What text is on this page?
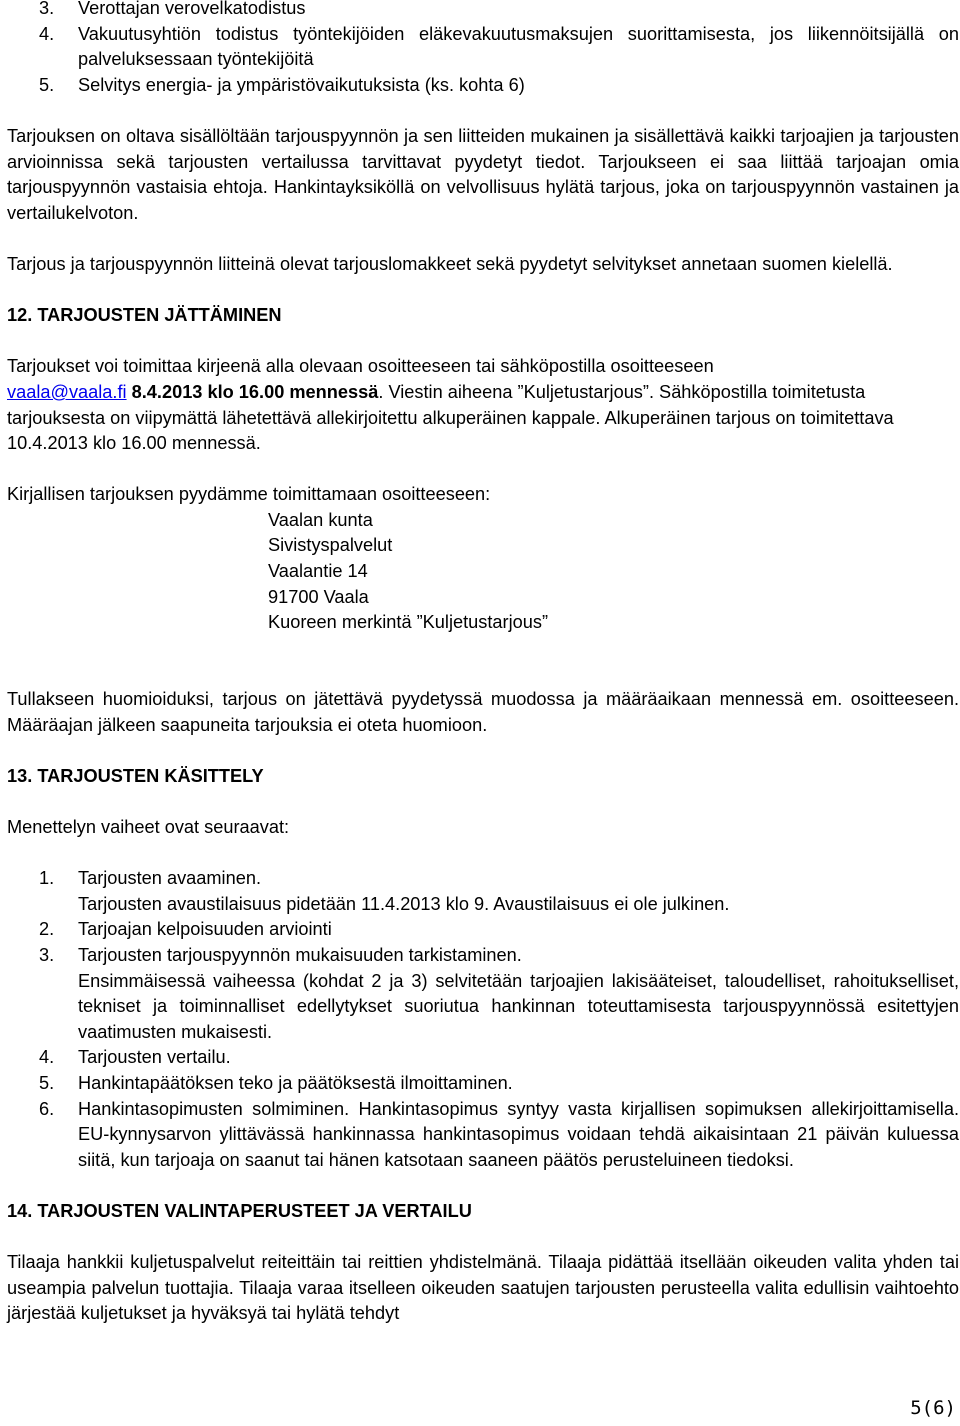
3. Verottajan verovelkatodistus

4. Vakuutusyhtiön todistus työntekijöiden eläkevakuutusmaksujen suorittamisesta, jos liikennöitsijällä on palveluksessaan työntekijöitä

5. Selvitys energia- ja ympäristövaikutuksista (ks. kohta 6)

Tarjouksen on oltava sisällöltään tarjouspyynnön ja sen liitteiden mukainen ja sisällettävä kaikki tarjoajien ja tarjousten arvioinnissa sekä tarjousten vertailussa tarvittavat pyydetyt tiedot. Tarjoukseen ei saa liittää tarjoajan omia tarjouspyynnön vastaisia ehtoja. Hankintayksiköllä on velvollisuus hylätä tarjous, joka on tarjouspyynnön vastainen ja vertailukelvoton.

Tarjous ja tarjouspyynnön liitteinä olevat tarjouslomakkeet sekä pyydetyt selvitykset annetaan suomen kielellä.

12. TARJOUSTEN JÄTTÄMINEN

Tarjoukset voi toimittaa kirjeenä alla olevaan osoitteeseen tai sähköpostilla osoitteeseen
vaala@vaala.fi 8.4.2013 klo 16.00 mennessä. Viestin aiheena ”Kuljetustarjous”. Sähköpostilla toimitetusta tarjouksesta on viipymättä lähetettävä allekirjoitettu alkuperäinen kappale. Alkuperäinen tarjous on toimitettava 10.4.2013 klo 16.00 mennessä.

Kirjallisen tarjouksen pyydämme toimittamaan osoitteeseen:

Vaalan kunta

Sivistyspalvelut

Vaalantie 14

91700 Vaala

Kuoreen merkintä ”Kuljetustarjous”

Tullakseen huomioiduksi, tarjous on jätettävä pyydetyssä muodossa ja määräaikaan mennessä em. osoitteeseen. Määräajan jälkeen saapuneita tarjouksia ei oteta huomioon.

13. TARJOUSTEN KÄSITTELY

Menettelyn vaiheet ovat seuraavat:

1. Tarjousten avaaminen.

Tarjousten avaustilaisuus pidetään 11.4.2013 klo 9. Avaustilaisuus ei ole julkinen.

2. Tarjoajan kelpoisuuden arviointi

3. Tarjousten tarjouspyynnön mukaisuuden tarkistaminen.

Ensimmäisessä vaiheessa (kohdat 2 ja 3) selvitetään tarjoajien lakisääteiset, taloudelliset, rahoitukselliset, tekniset ja toiminnalliset edellytykset suoriutua hankinnan toteuttamisesta tarjouspyynnössä esitettyjen vaatimusten mukaisesti.

4. Tarjousten vertailu.

5. Hankintapäätöksen teko ja päätöksestä ilmoittaminen.

6. Hankintasopimusten solmiminen. Hankintasopimus syntyy vasta kirjallisen sopimuksen allekirjoittamisella. EU-kynnysarvon ylittävässä hankinnassa hankintasopimus voidaan tehdä aikaisintaan 21 päivän kuluessa siitä, kun tarjoaja on saanut tai hänen katsotaan saaneen päätös perusteluineen tiedoksi.

14. TARJOUSTEN VALINTAPERUSTEET JA VERTAILU

Tilaaja hankkii kuljetuspalvelut reiteittäin tai reittien yhdistelmänä. Tilaaja pidättää itsellään oikeuden valita yhden tai useampia palvelun tuottajia. Tilaaja varaa itselleen oikeuden saatujen tarjousten perusteella valita edullisin vaihtoehto järjestää kuljetukset ja hyväksyä tai hylätä tehdyt

5(6)
